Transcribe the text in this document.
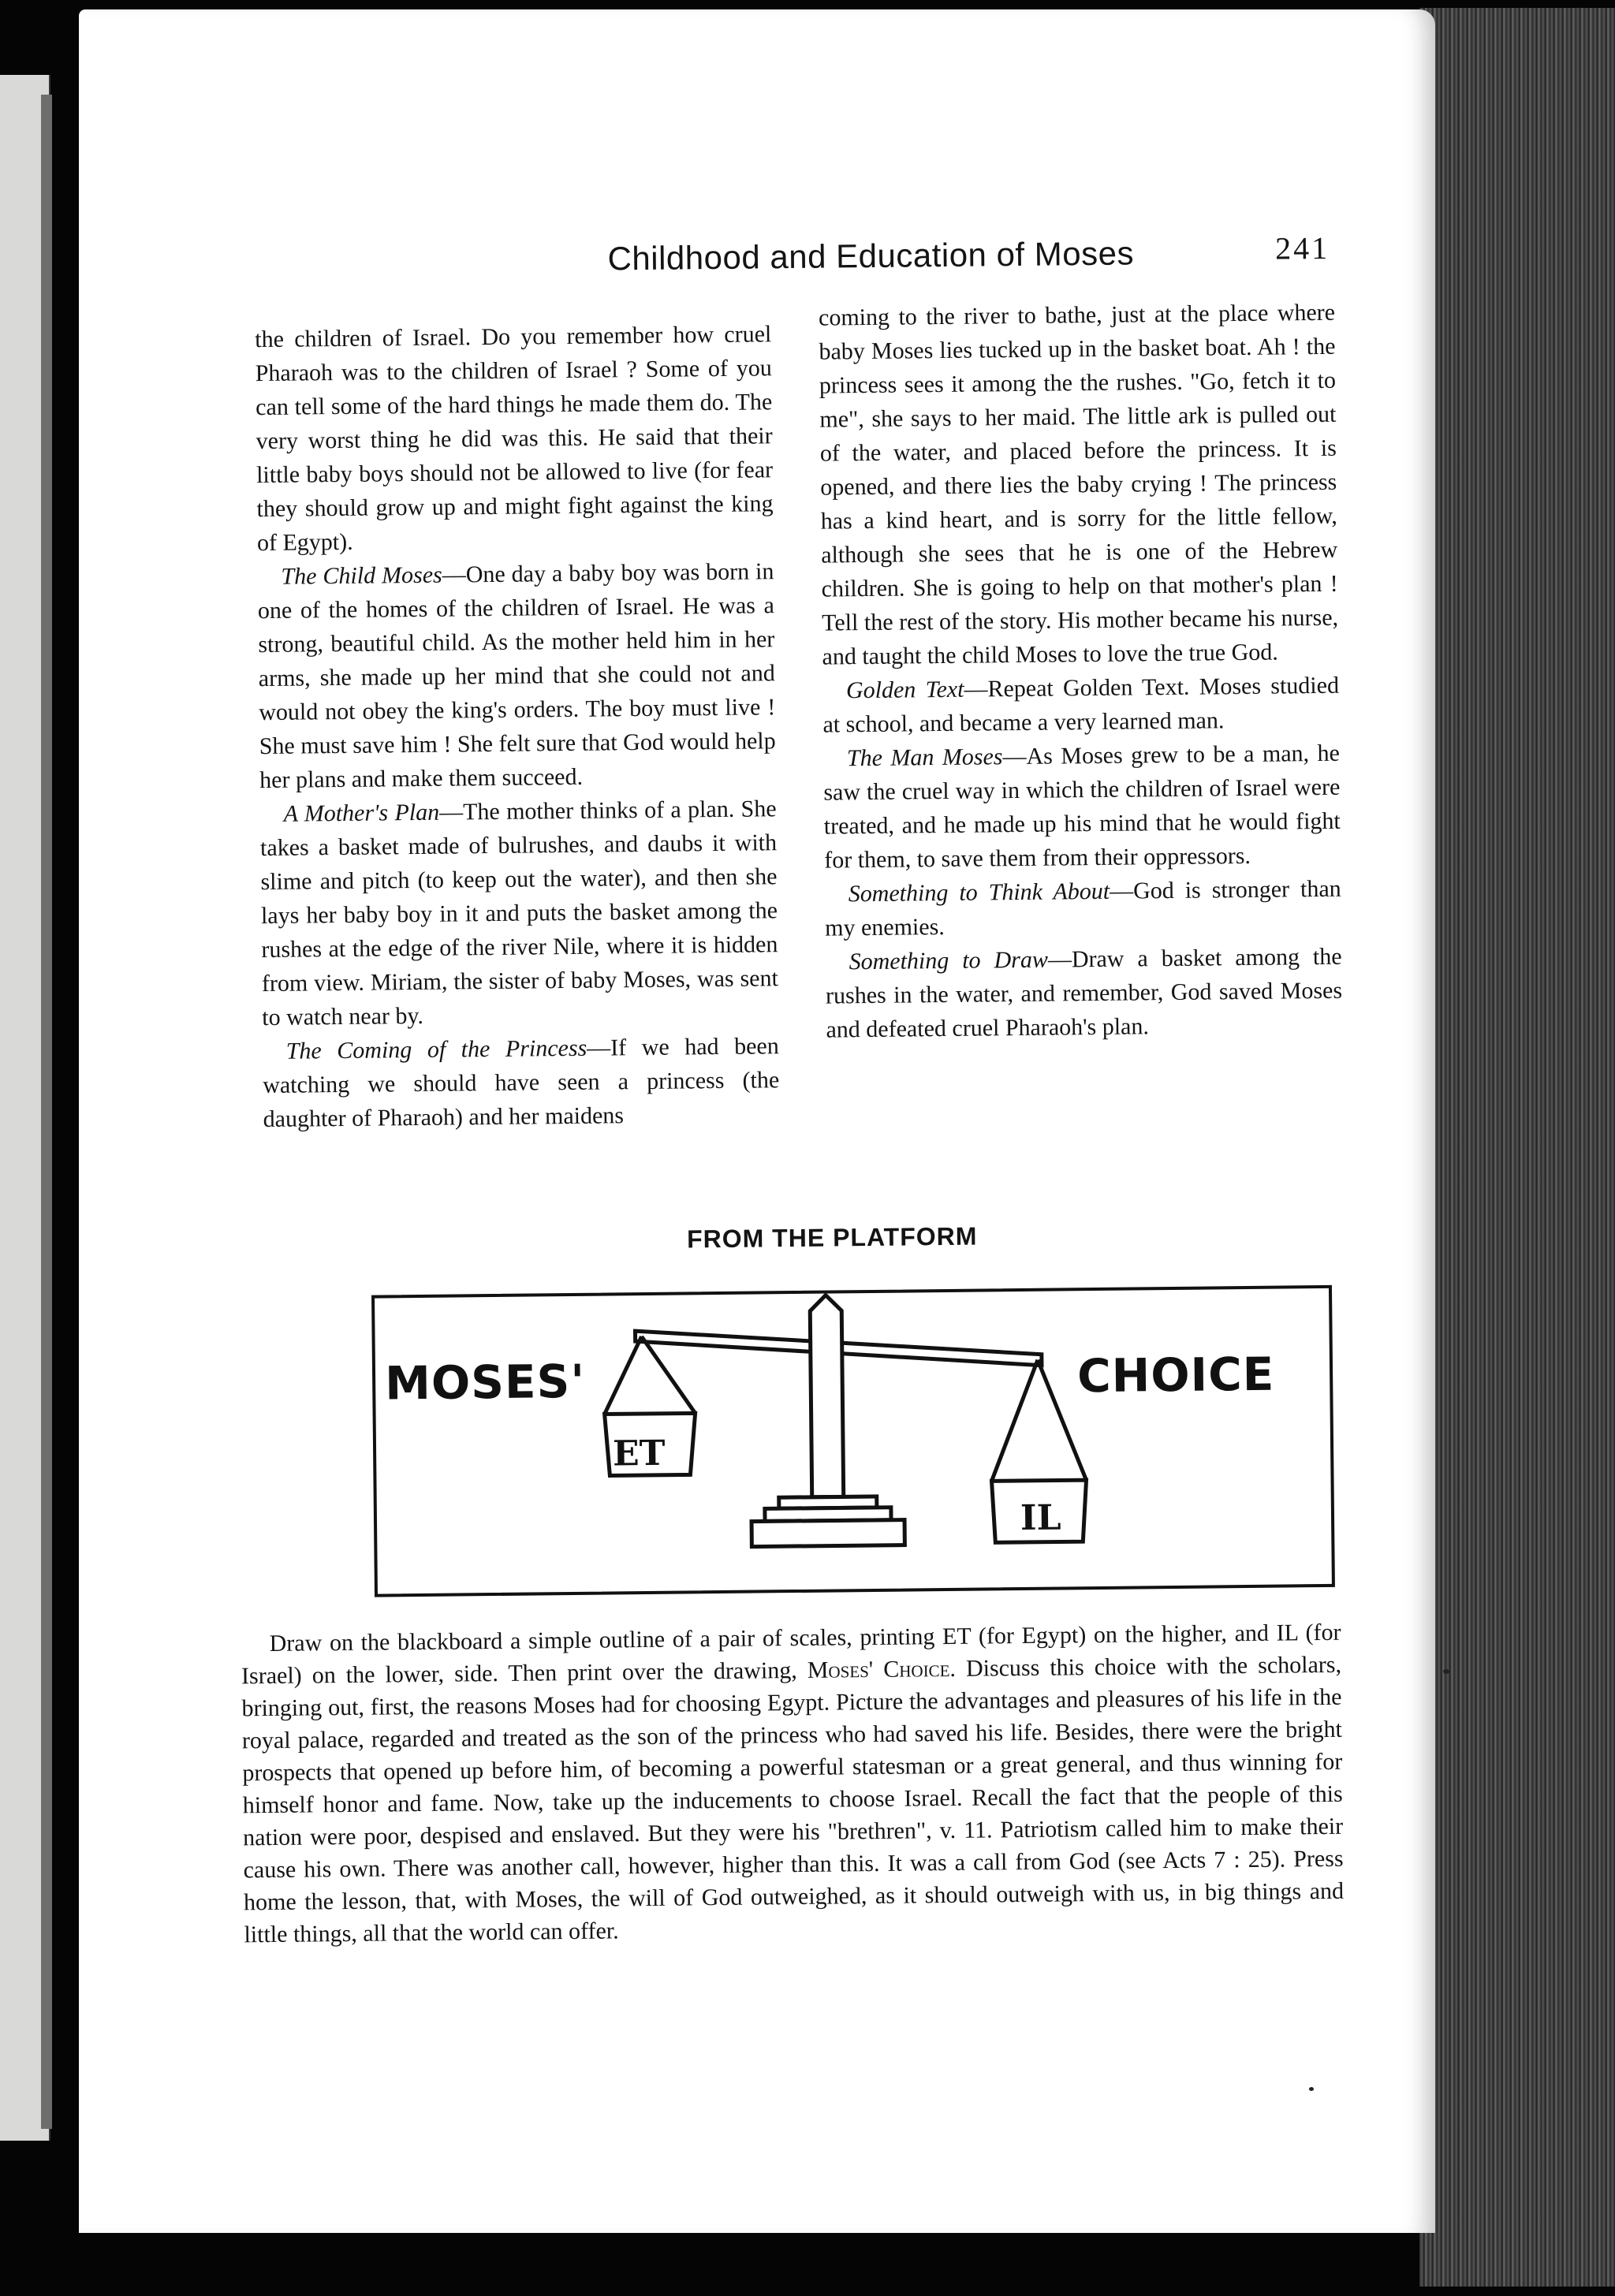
Childhood and Education of Moses	241

the children of Israel. Do you remember how cruel Pharaoh was to the children of Israel ? Some of you can tell some of the hard things he made them do. The very worst thing he did was this. He said that their little baby boys should not be allowed to live (for fear they should grow up and might fight against the king of Egypt).

The Child Moses—One day a baby boy was born in one of the homes of the children of Israel. He was a strong, beautiful child. As the mother held him in her arms, she made up her mind that she could not and would not obey the king's orders. The boy must live ! She must save him ! She felt sure that God would help her plans and make them succeed.

A Mother's Plan—The mother thinks of a plan. She takes a basket made of bulrushes, and daubs it with slime and pitch (to keep out the water), and then she lays her baby boy in it and puts the basket among the rushes at the edge of the river Nile, where it is hidden from view. Miriam, the sister of baby Moses, was sent to watch near by.

The Coming of the Princess—If we had been watching we should have seen a princess (the daughter of Pharaoh) and her maidens

coming to the river to bathe, just at the place where baby Moses lies tucked up in the basket boat. Ah ! the princess sees it among the the rushes. "Go, fetch it to me", she says to her maid. The little ark is pulled out of the water, and placed before the princess. It is opened, and there lies the baby crying ! The princess has a kind heart, and is sorry for the little fellow, although she sees that he is one of the Hebrew children. She is going to help on that mother's plan ! Tell the rest of the story. His mother became his nurse, and taught the child Moses to love the true God.

Golden Text—Repeat Golden Text. Moses studied at school, and became a very learned man.

The Man Moses—As Moses grew to be a man, he saw the cruel way in which the children of Israel were treated, and he made up his mind that he would fight for them, to save them from their oppressors.

Something to Think About—God is stronger than my enemies.

Something to Draw—Draw a basket among the rushes in the water, and remember, God saved Moses and defeated cruel Pharaoh's plan.

FROM THE PLATFORM
MOSES'	CHOICE
ET
IL

Draw on the blackboard a simple outline of a pair of scales, printing ET (for Egypt) on the higher, and IL (for Israel) on the lower, side. Then print over the drawing, Moses' Choice. Discuss this choice with the scholars, bringing out, first, the reasons Moses had for choosing Egypt. Picture the advantages and pleasures of his life in the royal palace, regarded and treated as the son of the princess who had saved his life. Besides, there were the bright prospects that opened up before him, of becoming a powerful statesman or a great general, and thus winning for himself honor and fame. Now, take up the inducements to choose Israel. Recall the fact that the people of this nation were poor, despised and enslaved. But they were his "brethren", v. 11. Patriotism called him to make their cause his own. There was another call, however, higher than this. It was a call from God (see Acts 7 : 25). Press home the lesson, that, with Moses, the will of God outweighed, as it should outweigh with us, in big things and little things, all that the world can offer.
